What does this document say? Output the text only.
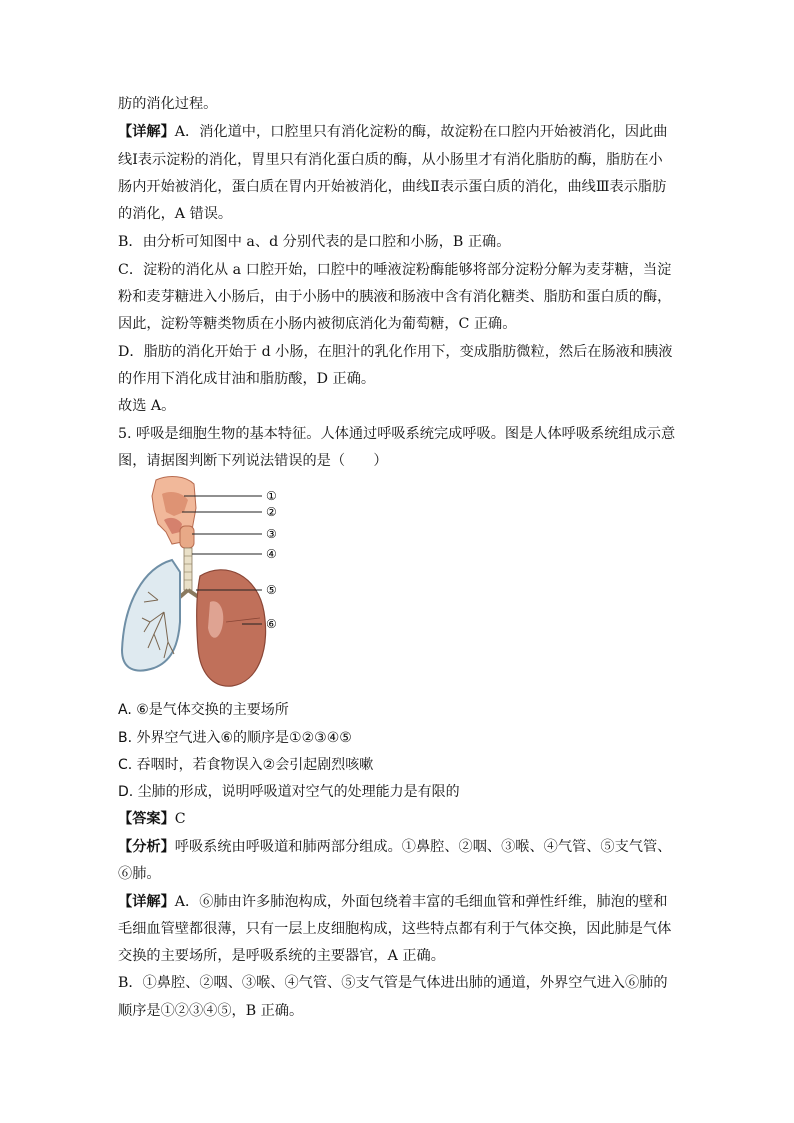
肪的消化过程。
【详解】A．消化道中，口腔里只有消化淀粉的酶，故淀粉在口腔内开始被消化，因此曲
线Ⅰ表示淀粉的消化，胃里只有消化蛋白质的酶，从小肠里才有消化脂肪的酶，脂肪在小
肠内开始被消化，蛋白质在胃内开始被消化，曲线Ⅱ表示蛋白质的消化，曲线Ⅲ表示脂肪
的消化，A 错误。
B．由分析可知图中 a、d 分别代表的是口腔和小肠，B 正确。
C．淀粉的消化从 a 口腔开始，口腔中的唾液淀粉酶能够将部分淀粉分解为麦芽糖，当淀
粉和麦芽糖进入小肠后，由于小肠中的胰液和肠液中含有消化糖类、脂肪和蛋白质的酶，
因此，淀粉等糖类物质在小肠内被彻底消化为葡萄糖，C 正确。
D．脂肪的消化开始于 d 小肠，在胆汁的乳化作用下，变成脂肪微粒，然后在肠液和胰液
的作用下消化成甘油和脂肪酸，D 正确。
故选 A。
5. 呼吸是细胞生物的基本特征。人体通过呼吸系统完成呼吸。图是人体呼吸系统组成示意
图，请据图判断下列说法错误的是（　　）
①
②
③
④
⑤
⑥
A. ⑥是气体交换的主要场所
B. 外界空气进入⑥的顺序是①②③④⑤
C. 吞咽时，若食物误入②会引起剧烈咳嗽
D. 尘肺的形成，说明呼吸道对空气的处理能力是有限的
【答案】C
【分析】呼吸系统由呼吸道和肺两部分组成。①鼻腔、②咽、③喉、④气管、⑤支气管、
⑥肺。
【详解】A．⑥肺由许多肺泡构成，外面包绕着丰富的毛细血管和弹性纤维，肺泡的壁和
毛细血管壁都很薄，只有一层上皮细胞构成，这些特点都有利于气体交换，因此肺是气体
交换的主要场所，是呼吸系统的主要器官，A 正确。
B．①鼻腔、②咽、③喉、④气管、⑤支气管是气体进出肺的通道，外界空气进入⑥肺的
顺序是①②③④⑤，B 正确。
